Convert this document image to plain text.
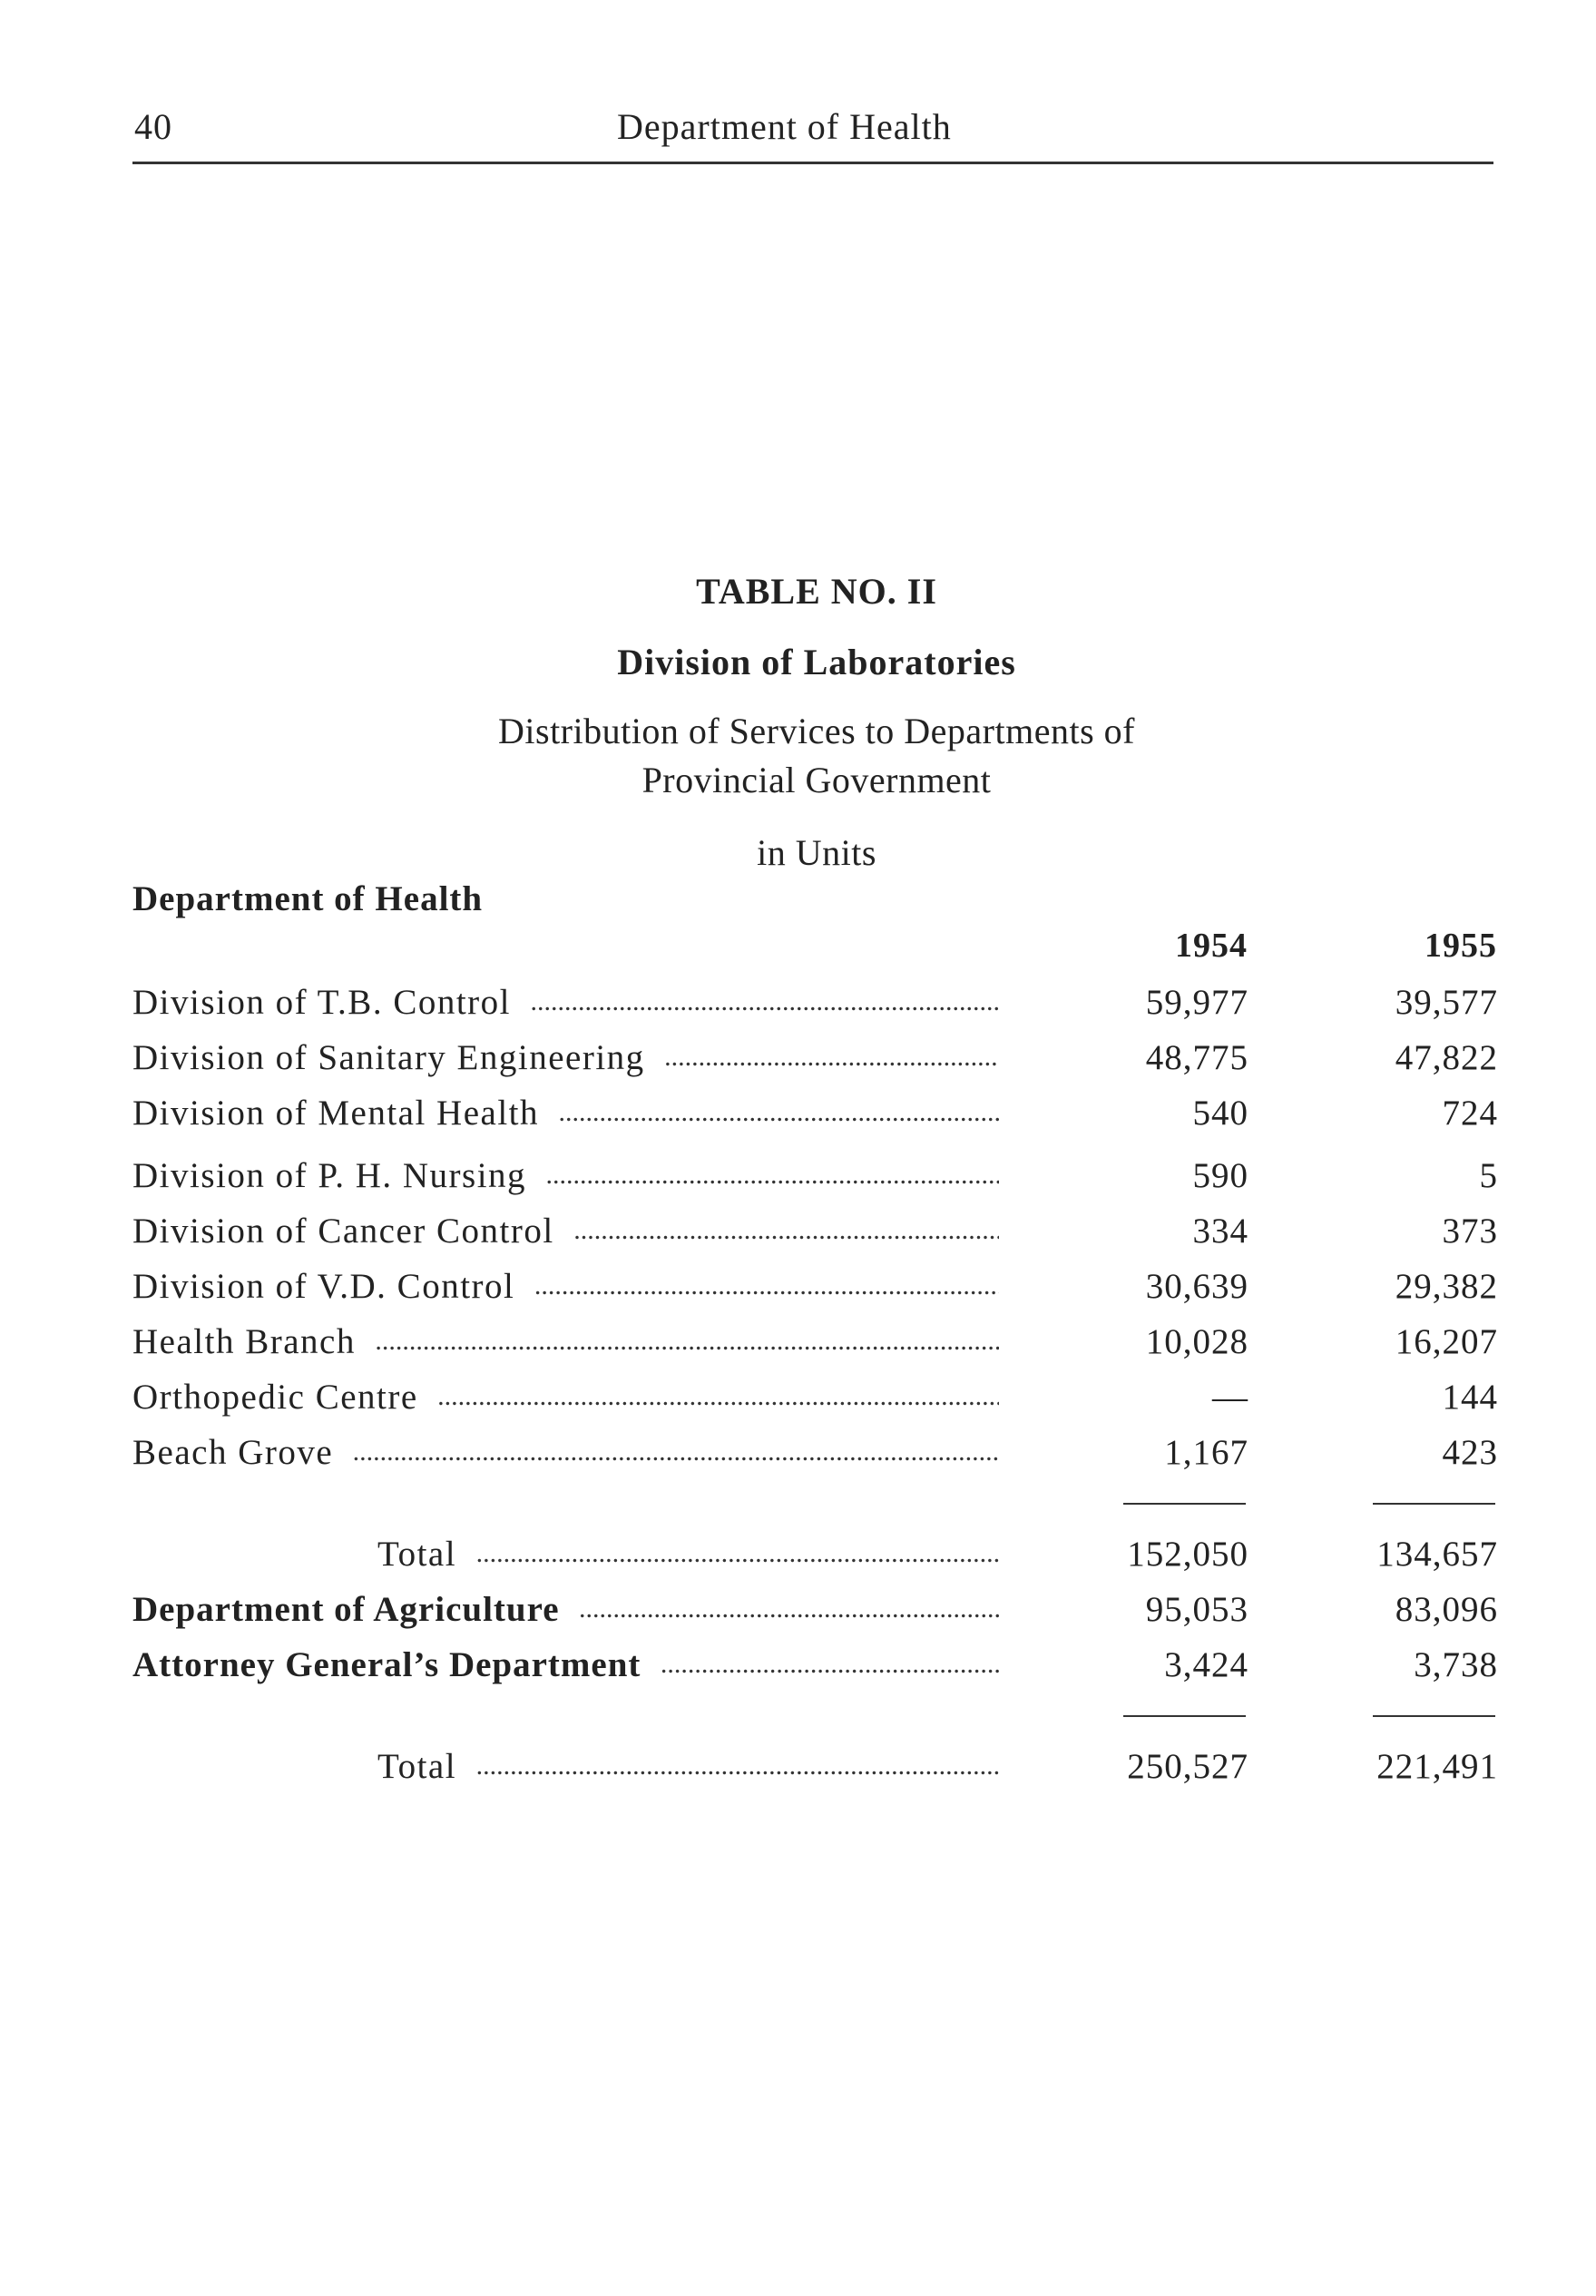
40	Department of Health
TABLE NO. II
Division of Laboratories
Distribution of Services to Departments of
Provincial Government
in Units
Department of Health
1954	1955
Division of T.B. Control .....	59,977	39,577
Division of Sanitary Engineering .....	48,775	47,822
Division of Mental Health .....	540	724
Division of P. H. Nursing .....	590	5
Division of Cancer Control .....	334	373
Division of V.D. Control .....	30,639	29,382
Health Branch .....	10,028	16,207
Orthopedic Centre .....	—	144
Beach Grove .....	1,167	423
Total .....	152,050	134,657
Department of Agriculture .....	95,053	83,096
Attorney General’s Department .....	3,424	3,738
Total .....	250,527	221,491
